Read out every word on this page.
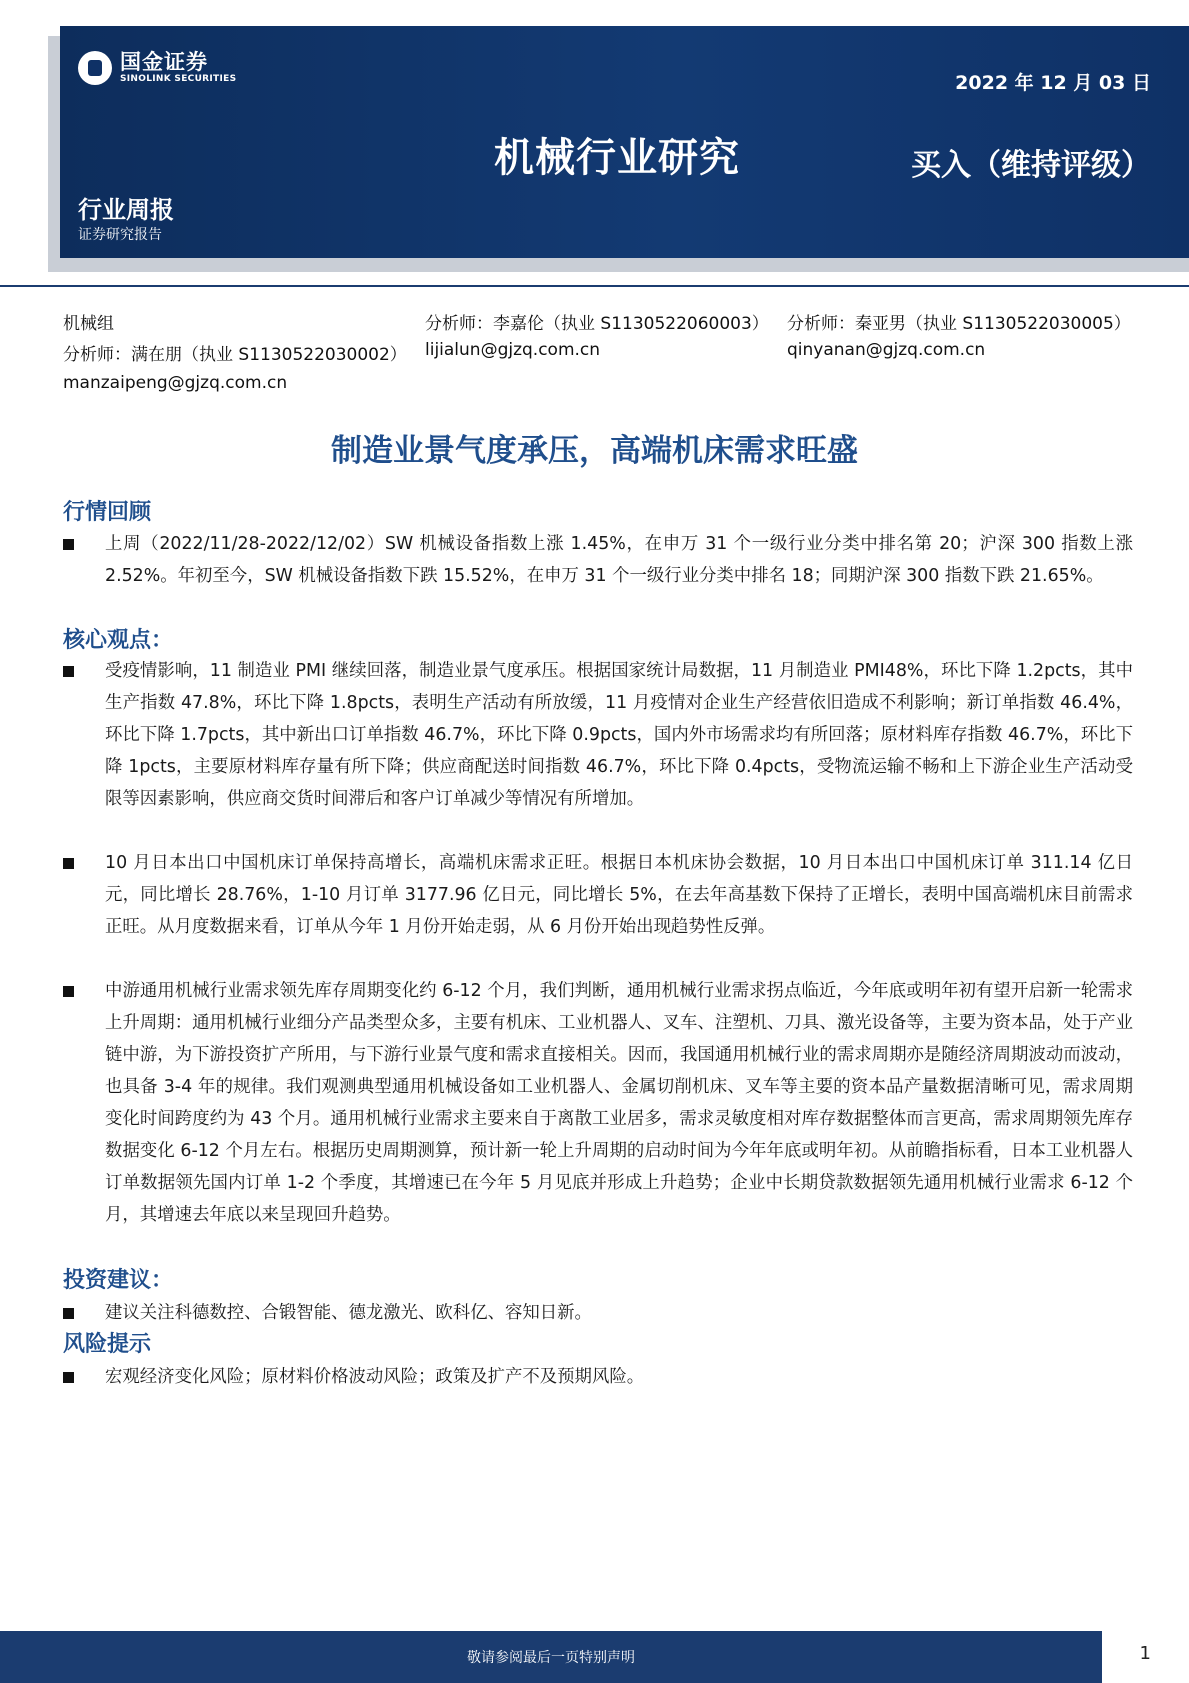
国金证券
SINOLINK SECURITIES	2022 年 12 月 03 日
机械行业研究	买入（维持评级）
行业周报
证券研究报告
机械组
分析师：满在朋（执业 S1130522030002）
manzaipeng@gjzq.com.cn
分析师：李嘉伦（执业 S1130522060003）
lijialun@gjzq.com.cn
分析师：秦亚男（执业 S1130522030005）
qinyanan@gjzq.com.cn
制造业景气度承压，高端机床需求旺盛
行情回顾
上周（2022/11/28-2022/12/02）SW 机械设备指数上涨 1.45%，在申万 31 个一级行业分类中排名第 20；沪深 300 指数上涨 2.52%。年初至今，SW 机械设备指数下跌 15.52%，在申万 31 个一级行业分类中排名 18；同期沪深 300 指数下跌 21.65%。
核心观点：
受疫情影响，11 制造业 PMI 继续回落，制造业景气度承压。根据国家统计局数据，11 月制造业 PMI48%，环比下降 1.2pcts，其中生产指数 47.8%，环比下降 1.8pcts，表明生产活动有所放缓，11 月疫情对企业生产经营依旧造成不利影响；新订单指数 46.4%，环比下降 1.7pcts，其中新出口订单指数 46.7%，环比下降 0.9pcts，国内外市场需求均有所回落；原材料库存指数 46.7%，环比下降 1pcts，主要原材料库存量有所下降；供应商配送时间指数 46.7%，环比下降 0.4pcts，受物流运输不畅和上下游企业生产活动受限等因素影响，供应商交货时间滞后和客户订单减少等情况有所增加。
10 月日本出口中国机床订单保持高增长，高端机床需求正旺。根据日本机床协会数据，10 月日本出口中国机床订单 311.14 亿日元，同比增长 28.76%，1-10 月订单 3177.96 亿日元，同比增长 5%，在去年高基数下保持了正增长，表明中国高端机床目前需求正旺。从月度数据来看，订单从今年 1 月份开始走弱，从 6 月份开始出现趋势性反弹。
中游通用机械行业需求领先库存周期变化约 6-12 个月，我们判断，通用机械行业需求拐点临近，今年底或明年初有望开启新一轮需求上升周期：通用机械行业细分产品类型众多，主要有机床、工业机器人、叉车、注塑机、刀具、激光设备等，主要为资本品，处于产业链中游，为下游投资扩产所用，与下游行业景气度和需求直接相关。因而，我国通用机械行业的需求周期亦是随经济周期波动而波动，也具备 3-4 年的规律。我们观测典型通用机械设备如工业机器人、金属切削机床、叉车等主要的资本品产量数据清晰可见，需求周期变化时间跨度约为 43 个月。通用机械行业需求主要来自于离散工业居多，需求灵敏度相对库存数据整体而言更高，需求周期领先库存数据变化 6-12 个月左右。根据历史周期测算，预计新一轮上升周期的启动时间为今年年底或明年初。从前瞻指标看，日本工业机器人订单数据领先国内订单 1-2 个季度，其增速已在今年 5 月见底并形成上升趋势；企业中长期贷款数据领先通用机械行业需求 6-12 个月，其增速去年底以来呈现回升趋势。
投资建议：
建议关注科德数控、合锻智能、德龙激光、欧科亿、容知日新。
风险提示
宏观经济变化风险；原材料价格波动风险；政策及扩产不及预期风险。
敬请参阅最后一页特别声明	1
